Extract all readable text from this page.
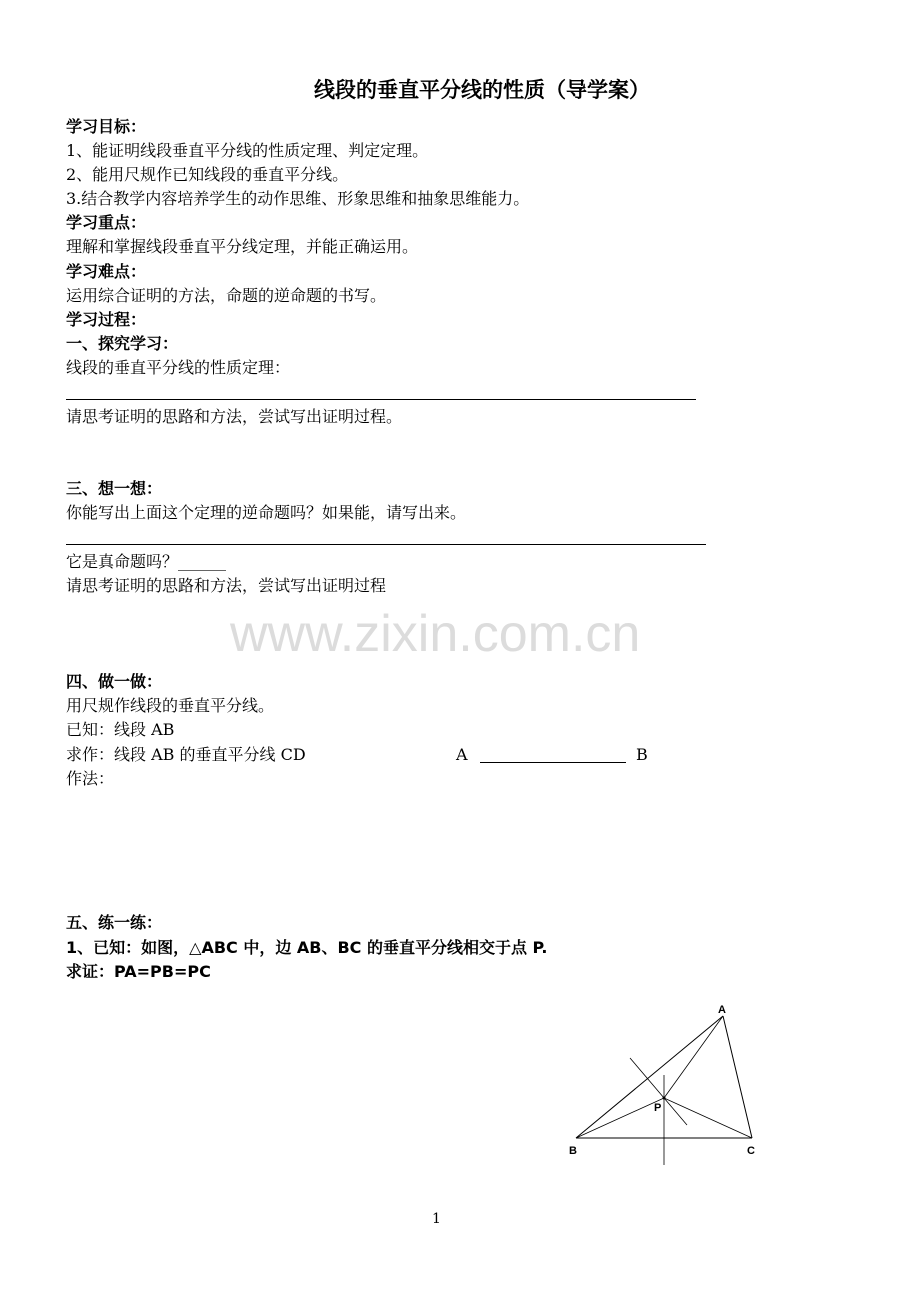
线段的垂直平分线的性质（导学案）
学习目标：
1、能证明线段垂直平分线的性质定理、判定定理。
2、能用尺规作已知线段的垂直平分线。
3.结合教学内容培养学生的动作思维、形象思维和抽象思维能力。
学习重点：
理解和掌握线段垂直平分线定理，并能正确运用。
学习难点：
运用综合证明的方法，命题的逆命题的书写。
学习过程：
一、探究学习：
线段的垂直平分线的性质定理：
请思考证明的思路和方法，尝试写出证明过程。
三、想一想：
你能写出上面这个定理的逆命题吗？如果能，请写出来。
它是真命题吗？______
请思考证明的思路和方法，尝试写出证明过程
www.zixin.com.cn
四、做一做：
用尺规作线段的垂直平分线。
已知：线段 AB
求作：线段 AB 的垂直平分线 CD	A	B
作法：
五、练一练：
1、已知：如图，△ABC 中，边 AB、BC 的垂直平分线相交于点 P.
求证：PA=PB=PC
A
B	C
P
1
